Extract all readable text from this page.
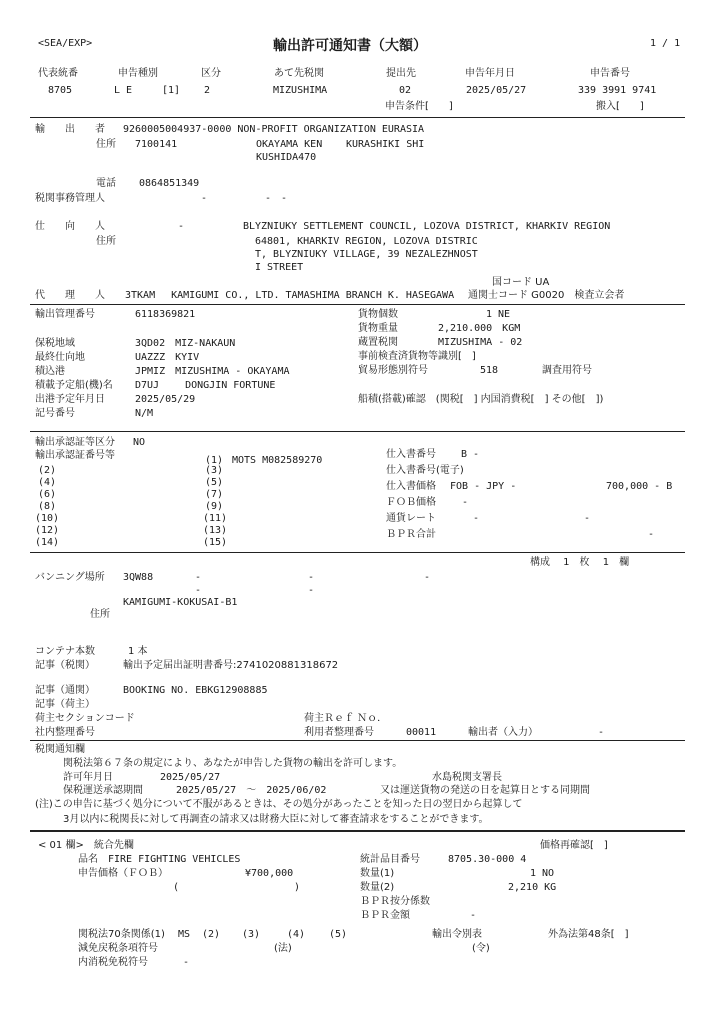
<SEA/EXP>	輸出許可通知書（大額）	1 / 1
代表統番	申告種別	区分	あて先税関	提出先	申告年月日	申告番号
8705	L E	[1] 2	MIZUSHIMA	02	2025/05/27	339 3991 9741
申告条件[　　]	搬入[　　]
輸　　出　　者 9260005004937-0000 NON-PROFIT ORGANIZATION EURASIA
住所 7100141	OKAYAMA KEN KURASHIKI SHI
KUSHIDA470
電話 0864851349
税関事務管理人	-	-　-
仕　　向　　人	-	BLYZNIUKY SETTLEMENT COUNCIL, LOZOVA DISTRICT, KHARKIV REGION
住所	64801, KHARKIV REGION, LOZOVA DISTRIC
T, BLYZNIUKY VILLAGE, 39 NEZALEZHNOST
I STREET
国コード UA
代　　理　　人 3TKAM　 KAMIGUMI CO., LTD. TAMASHIMA BRANCH K. HASEGAWA 通関士コード G0020　検査立会者
輸出管理番号	6118369821
保税地域	3QD02　MIZ-NAKAUN
最終仕向地	UAZZZ　KYIV
積込港	JPMIZ　MIZUSHIMA - OKAYAMA
積載予定船(機)名 D7UJ　　 DONGJIN FORTUNE
出港予定年月日	2025/05/29
記号番号	N/M
貨物個数	1 NE
貨物重量	2,210.000　KGM
蔵置税関	MIZUSHIMA - 02
事前検査済貨物等識別[　]
貿易形態別符号	518	調査用符号
船積(搭載)確認　(関税[　] 内国消費税[　] その他[　])
輸出承認証等区分 NO
輸出承認証番号等	(1) MOTS M082589270
(2)	(3)
(4)	(5)
(6)	(7)
(8)	(9)
(10)	(11)
(12)	(13)
(14)	(15)
仕入書番号	B -
仕入書番号(電子)
仕入書価格 FOB - JPY -	700,000 - B
ＦＯＢ価格	-
通貨レート	-	-
ＢＰＲ合計	-
構成　 1　枚　 1　欄
バンニング場所 3QW88	-	-	-
-	-
KAMIGUMI-KOKUSAI-B1
住所
コンテナ本数	1 本
記事（税関）	輸出予定届出証明書番号:2741020881318672
記事（通関）	BOOKING NO. EBKG12908885
記事（荷主）
荷主セクションコード	荷主Ｒｅｆ Ｎｏ．
社内整理番号	利用者整理番号	00011	輸出者（入力）	-
税関通知欄
関税法第６７条の規定により、あなたが申告した貨物の輸出を許可します。
許可年月日	2025/05/27	水島税関支署長
保税運送承認期間	2025/05/27　～　2025/06/02	又は運送貨物の発送の日を起算日とする同期間
(注)この申告に基づく処分について不服があるときは、その処分があったことを知った日の翌日から起算して
3月以内に税関長に対して再調査の請求又は財務大臣に対して審査請求をすることができます。
< 01 欄>　統合先欄	価格再確認[　]
品名 FIRE FIGHTING VEHICLES	統計品目番号	8705.30-000 4
申告価格（ＦＯＢ）	¥700,000
(	)
数量(1)	1 NO
数量(2)	2,210 KG
ＢＰＲ按分係数
ＢＰＲ金額	-
関税法70条関係(1) MS (2) (3)	(4) (5)	輸出令別表	外為法第48条[　]
減免戻税条項符号	(法)	(令)
内消税免税符号	-
